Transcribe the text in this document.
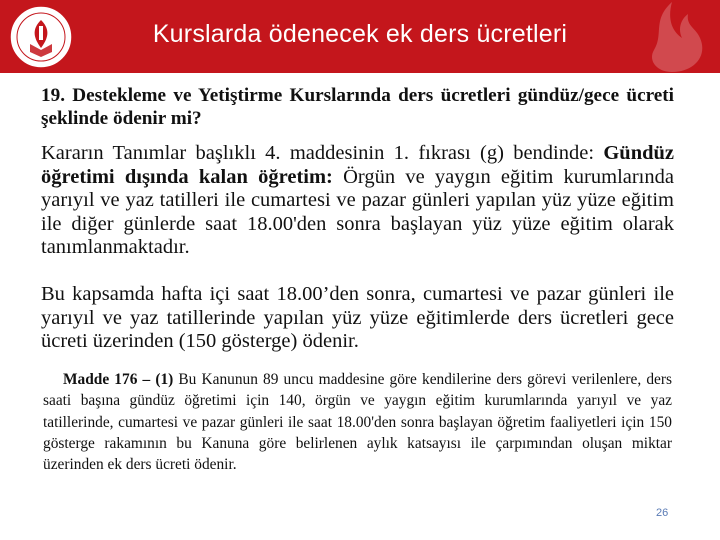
Kurslarda ödenecek ek ders ücretleri
19. Destekleme ve Yetiştirme Kurslarında ders ücretleri gündüz/gece ücreti şeklinde ödenir mi?
Kararın Tanımlar başlıklı 4. maddesinin 1. fıkrası (g) bendinde: Gündüz öğretimi dışında kalan öğretim: Örgün ve yaygın eğitim kurumlarında yarıyıl ve yaz tatilleri ile cumartesi ve pazar günleri yapılan yüz yüze eğitim ile diğer günlerde saat 18.00'den sonra başlayan yüz yüze eğitim olarak tanımlanmaktadır.
Bu kapsamda hafta içi saat 18.00’den sonra, cumartesi ve pazar günleri ile yarıyıl ve yaz tatillerinde yapılan yüz yüze eğitimlerde ders ücretleri gece ücreti üzerinden (150 gösterge) ödenir.
Madde 176 – (1) Bu Kanunun 89 uncu maddesine göre kendilerine ders görevi verilenlere, ders saati başına gündüz öğretimi için 140, örgün ve yaygın eğitim kurumlarında yarıyıl ve yaz tatillerinde, cumartesi ve pazar günleri ile saat 18.00'den sonra başlayan öğretim faaliyetleri için 150 gösterge rakamının bu Kanuna göre belirlenen aylık katsayısı ile çarpımından oluşan miktar üzerinden ek ders ücreti ödenir.
26
